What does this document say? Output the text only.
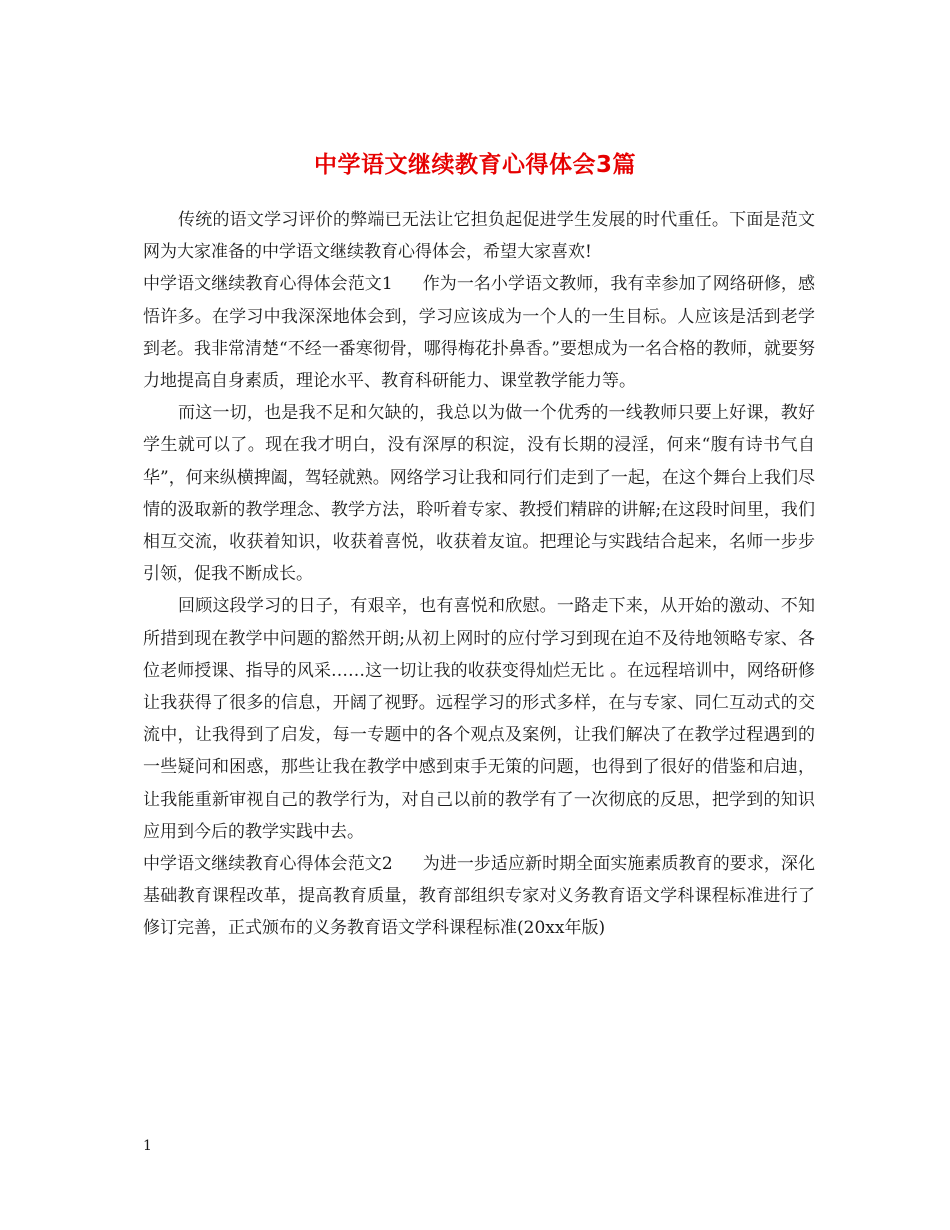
中学语文继续教育心得体会3篇

传统的语文学习评价的弊端已无法让它担负起促进学生发展的时代重任。下面是范文网为大家准备的中学语文继续教育心得体会，希望大家喜欢!

中学语文继续教育心得体会范文1 作为一名小学语文教师，我有幸参加了网络研修，感悟许多。在学习中我深深地体会到，学习应该成为一个人的一生目标。人应该是活到老学到老。我非常清楚“不经一番寒彻骨，哪得梅花扑鼻香。”要想成为一名合格的教师，就要努力地提高自身素质，理论水平、教育科研能力、课堂教学能力等。

而这一切，也是我不足和欠缺的，我总以为做一个优秀的一线教师只要上好课，教好学生就可以了。现在我才明白，没有深厚的积淀，没有长期的浸淫，何来“腹有诗书气自华”，何来纵横捭阖，驾轻就熟。网络学习让我和同行们走到了一起，在这个舞台上我们尽情的汲取新的教学理念、教学方法，聆听着专家、教授们精辟的讲解;在这段时间里，我们相互交流，收获着知识，收获着喜悦，收获着友谊。把理论与实践结合起来，名师一步步引领，促我不断成长。

回顾这段学习的日子，有艰辛，也有喜悦和欣慰。一路走下来，从开始的激动、不知所措到现在教学中问题的豁然开朗;从初上网时的应付学习到现在迫不及待地领略专家、各位老师授课、指导的风采……这一切让我的收获变得灿烂无比 。在远程培训中，网络研修让我获得了很多的信息，开阔了视野。远程学习的形式多样，在与专家、同仁互动式的交流中，让我得到了启发，每一专题中的各个观点及案例，让我们解决了在教学过程遇到的一些疑问和困惑，那些让我在教学中感到束手无策的问题，也得到了很好的借鉴和启迪，让我能重新审视自己的教学行为，对自己以前的教学有了一次彻底的反思，把学到的知识应用到今后的教学实践中去。

中学语文继续教育心得体会范文2 为进一步适应新时期全面实施素质教育的要求，深化基础教育课程改革，提高教育质量，教育部组织专家对义务教育语文学科课程标准进行了修订完善，正式颁布的义务教育语文学科课程标准(20xx年版)

1
